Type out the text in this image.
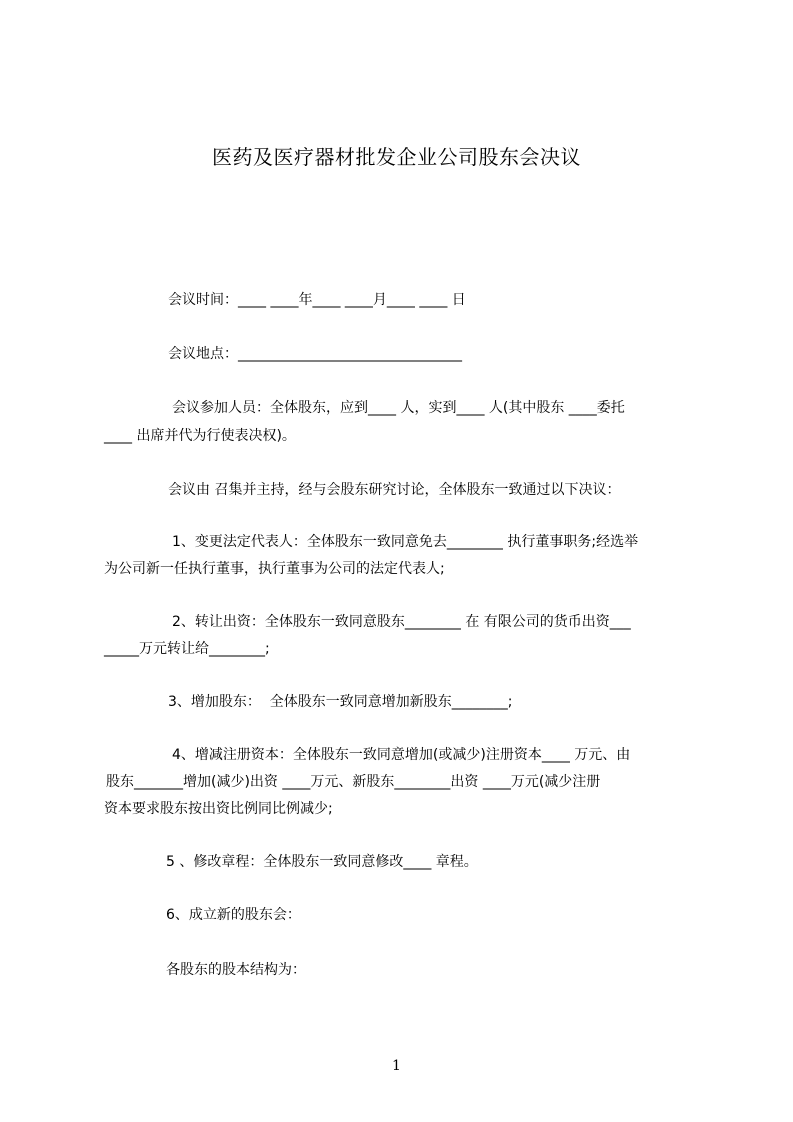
医药及医疗器材批发企业公司股东会决议
会议时间：____ ____年____ ____月____ ____ 日
会议地点：________________________________
会议参加人员：全体股东，应到____ 人，实到____ 人(其中股东 ____委托
____ 出席并代为行使表决权)。
会议由 召集并主持，经与会股东研究讨论，全体股东一致通过以下决议：
1、变更法定代表人：全体股东一致同意免去________ 执行董事职务;经选举
为公司新一任执行董事，执行董事为公司的法定代表人;
2、转让出资：全体股东一致同意股东________ 在 有限公司的货币出资___
_____万元转让给________;
3、增加股东：  全体股东一致同意增加新股东________;
4、增减注册资本：全体股东一致同意增加(或减少)注册资本____ 万元、由
股东_______增加(减少)出资 ____万元、新股东________出资 ____万元(减少注册
资本要求股东按出资比例同比例减少;
5 、修改章程：全体股东一致同意修改____ 章程。
6、成立新的股东会：
各股东的股本结构为：
1
